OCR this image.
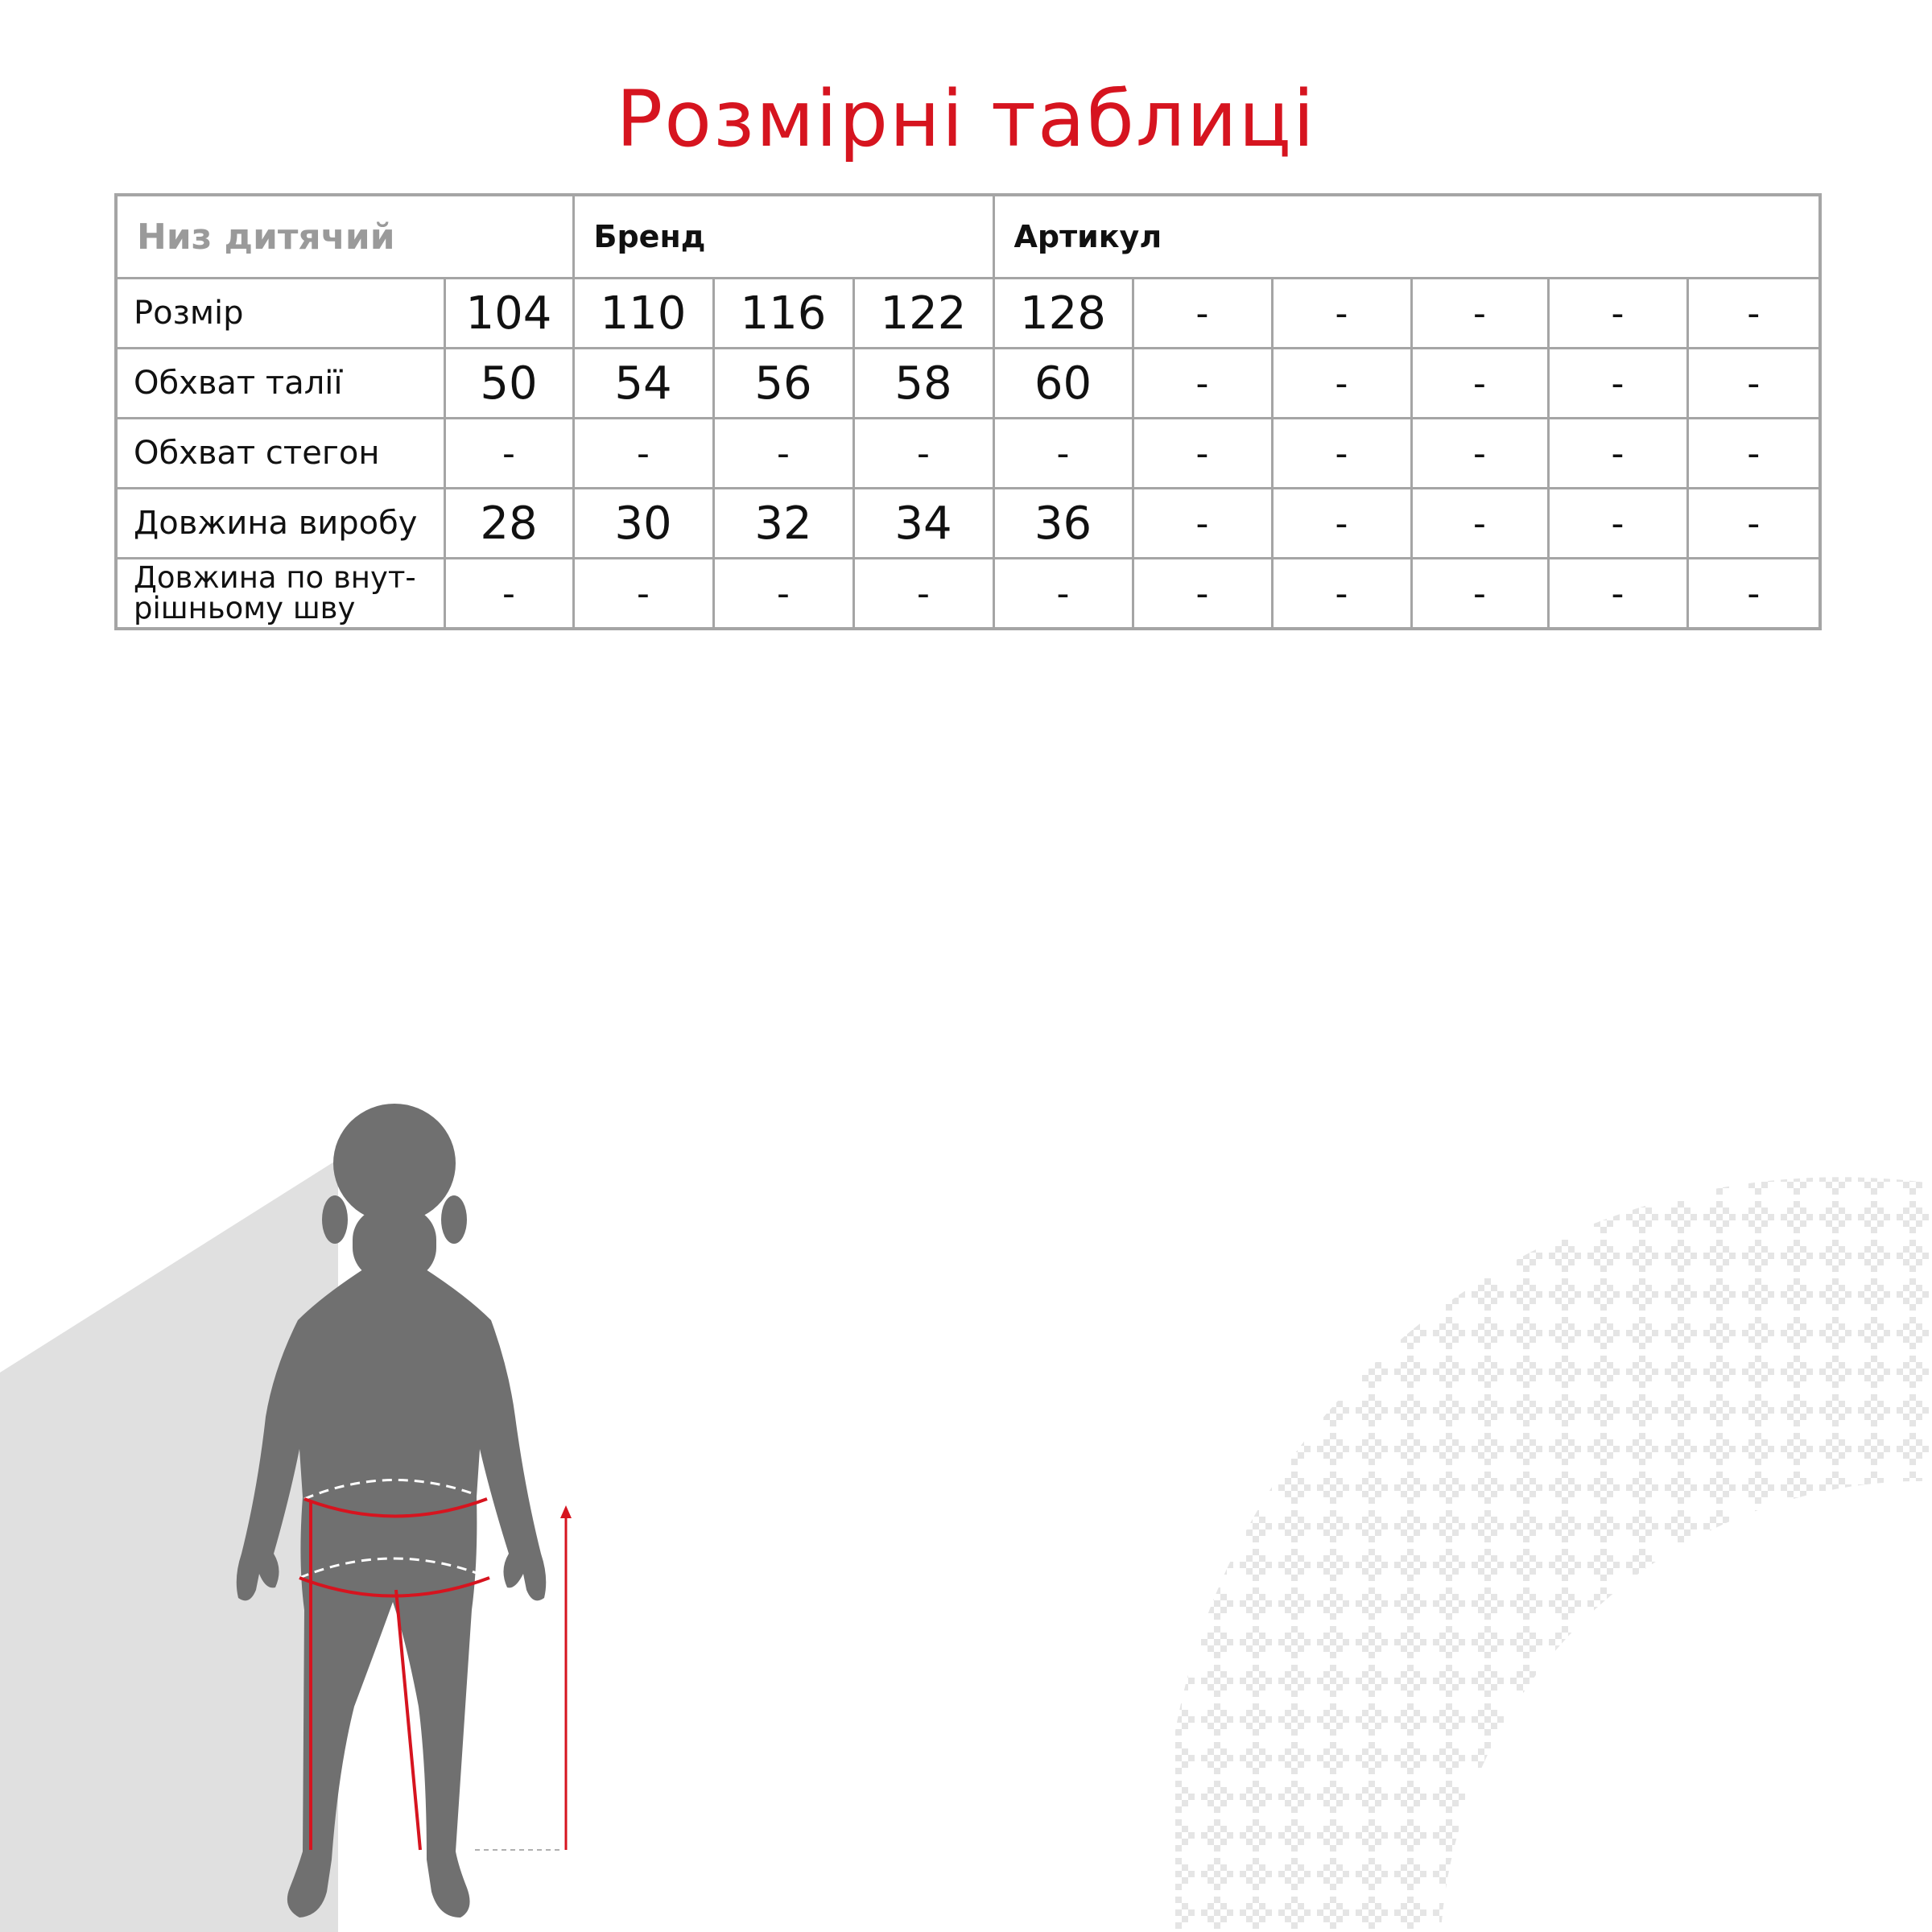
Розмірні таблиці
Низ дитячий		Бренд			Артикул					
Розмір	104	110	116	122	128	-	-	-	-	-
Обхват талії	50	54	56	58	60	-	-	-	-	-
Обхват стегон	-	-	-	-	-	-	-	-	-	-
Довжина виробу	28	30	32	34	36	-	-	-	-	-
Довжина по внут-рішньому шву	-	-	-	-	-	-	-	-	-	-
